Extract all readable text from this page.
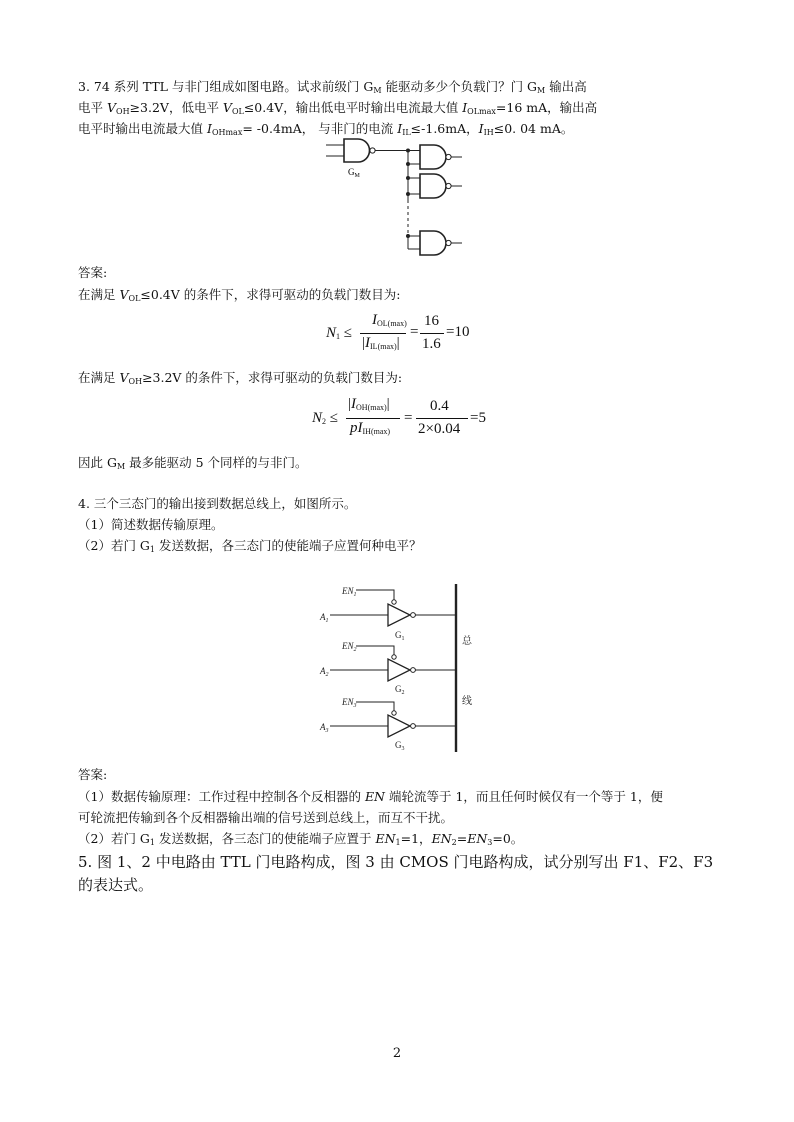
3. 74 系列 TTL 与非门组成如图电路。试求前级门 $G_M$ 能驱动多少个负载门？门 $G_M$ 输出高
电平 $V_{OH}\ge 3.2V$，低电平 $V_{OL}\le 0.4V$，输出低电平时输出电流最大值 $I_{OLmax}=16$ mA，输出高
电平时输出电流最大值 $I_{OHmax}= -0.4mA$， 与非门的电流 $I_{IL}\le-1.6mA$，$I_{IH}\le 0$. 04 mA。
$G_M$
答案:
在满足 $V_{OL}\le 0.4V$ 的条件下，求得可驱动的负载门数目为:
$N_1$ ≤
$I_{OL(max)}$
$|I_{IL(max)}|$
=
16
1.6
=10
在满足 $V_{OH}\ge 3.2V$ 的条件下，求得可驱动的负载门数目为:
$N_2$ ≤
$|I_{OH(max)}|$
$pI_{IH(max)}$
=
0.4
2×0.04
=5
因此 $G_M$ 最多能驱动 5 个同样的与非门。
4. 三个三态门的输出接到数据总线上，如图所示。
（1）简述数据传输原理。
（2）若门 $G_1$ 发送数据，各三态门的使能端子应置何种电平？
$EN_1$
$A_1$
$G_1$
$EN_2$
$A_2$
$G_2$
$EN_3$
$A_3$
$G_3$
总
线
答案:
（1）数据传输原理：工作过程中控制各个反相器的 EN 端轮流等于 1，而且任何时候仅有一个等于 1，便
可轮流把传输到各个反相器输出端的信号送到总线上，而互不干扰。
（2）若门 $G_1$ 发送数据，各三态门的使能端子应置于 $EN_1=1$，$EN_2=EN_3=0$。
5. 图 1、2 中电路由 TTL 门电路构成，图 3 由 CMOS 门电路构成，试分别写出 F1、F2、F3
的表达式。
2
